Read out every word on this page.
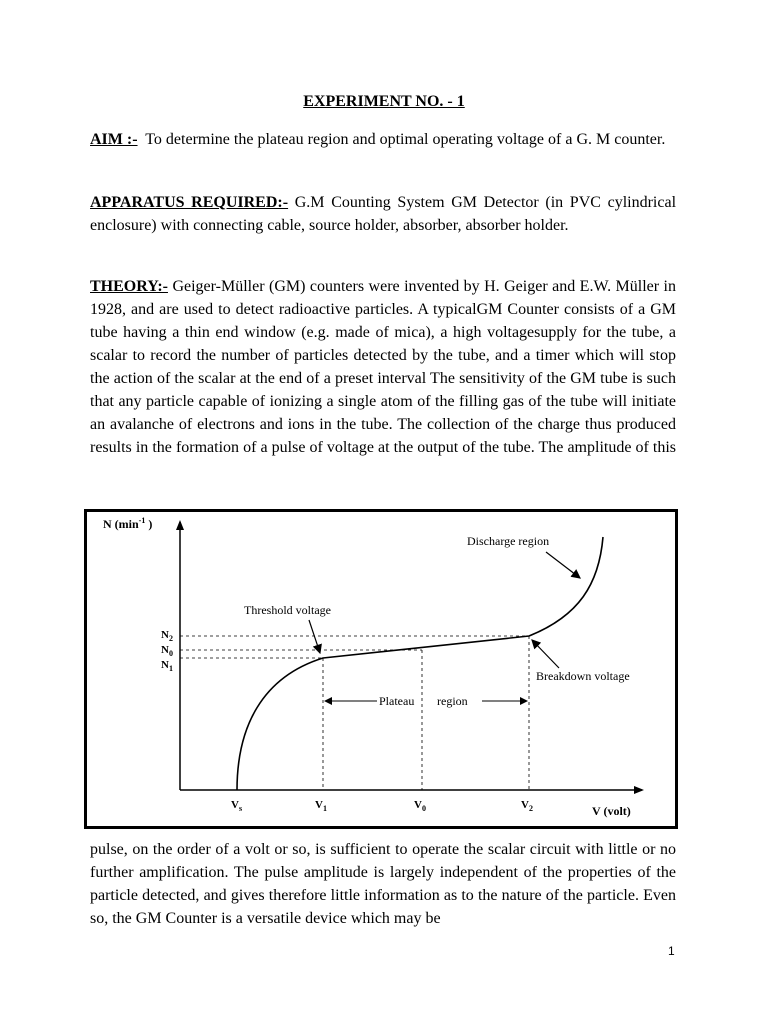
EXPERIMENT NO. - 1

AIM :- To determine the plateau region and optimal operating voltage of a G. M counter.

APPARATUS REQUIRED:- G.M Counting System GM Detector (in PVC cylindrical enclosure) with connecting cable, source holder, absorber, absorber holder.

THEORY:- Geiger-Müller (GM) counters were invented by H. Geiger and E.W. Müller in 1928, and are used to detect radioactive particles. A typicalGM Counter consists of a GM tube having a thin end window (e.g. made of mica), a high voltagesupply for the tube, a scalar to record the number of particles detected by the tube, and a timer which will stop the action of the scalar at the end of a preset interval The sensitivity of the GM tube is such that any particle capable of ionizing a single atom of the filling gas of the tube will initiate an avalanche of electrons and ions in the tube. The collection of the charge thus produced results in the formation of a pulse of voltage at the output of the tube. The amplitude of this

N ($\min^{-1}$ )
V (volt)
$N_2$
$N_0$
$N_1$
$V_s$	$V_1$	$V_0$	$V_2$
Plateau region
Discharge region
Threshold voltage
Breakdown voltage

pulse, on the order of a volt or so, is sufficient to operate the scalar circuit with little or no further amplification. The pulse amplitude is largely independent of the properties of the particle detected, and gives therefore little information as to the nature of the particle. Even so, the GM Counter is a versatile device which may be

1
